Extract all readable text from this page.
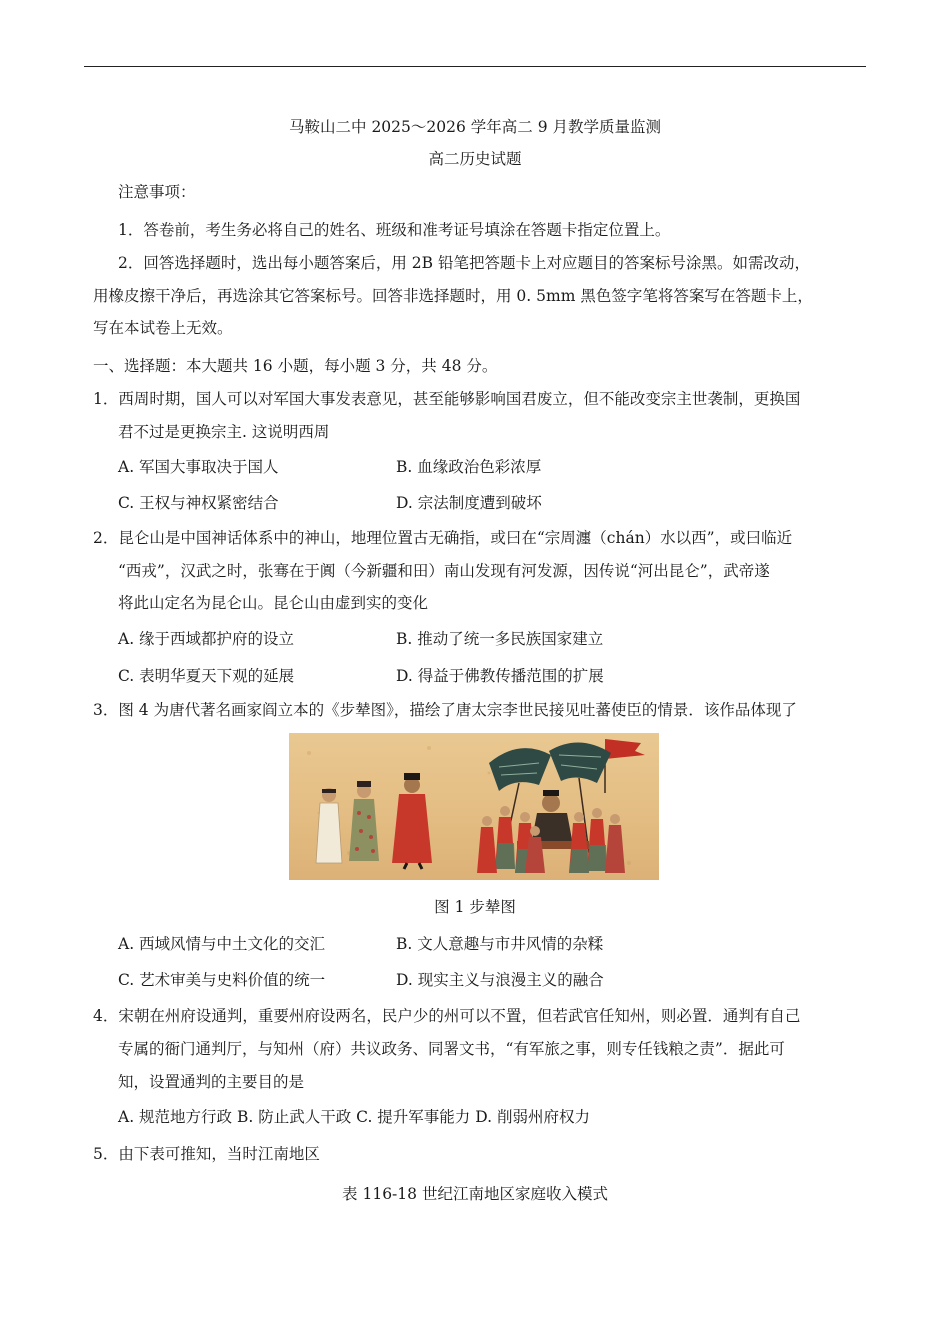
马鞍山二中 2025～2026 学年高二 9 月教学质量监测
高二历史试题
注意事项：
1．答卷前，考生务必将自己的姓名、班级和准考证号填涂在答题卡指定位置上。
2．回答选择题时，选出每小题答案后，用 2B 铅笔把答题卡上对应题目的答案标号涂黑。如需改动，
用橡皮擦干净后，再选涂其它答案标号。回答非选择题时，用 0. 5mm 黑色签字笔将答案写在答题卡上，
写在本试卷上无效。
一、选择题：本大题共 16 小题，每小题 3 分，共 48 分。
1．西周时期，国人可以对军国大事发表意见，甚至能够影响国君废立，但不能改变宗主世袭制，更换国
君不过是更换宗主. 这说明西周
A. 军国大事取决于国人	B. 血缘政治色彩浓厚
C. 王权与神权紧密结合	D. 宗法制度遭到破坏
2．昆仑山是中国神话体系中的神山，地理位置古无确指，或曰在“宗周瀍（chán）水以西”，或曰临近
“西戎”，汉武之时，张骞在于阗（今新疆和田）南山发现有河发源，因传说“河出昆仑”，武帝遂
将此山定名为昆仑山。昆仑山由虚到实的变化
A. 缘于西域都护府的设立	B. 推动了统一多民族国家建立
C. 表明华夏天下观的延展	D. 得益于佛教传播范围的扩展
3．图 4 为唐代著名画家阎立本的《步辇图》，描绘了唐太宗李世民接见吐蕃使臣的情景．该作品体现了
图 1 步辇图
A. 西域风情与中土文化的交汇	B. 文人意趣与市井风情的杂糅
C. 艺术审美与史料价值的统一	D. 现实主义与浪漫主义的融合
4．宋朝在州府设通判，重要州府设两名，民户少的州可以不置，但若武官任知州，则必置．通判有自己
专属的衙门通判厅，与知州（府）共议政务、同署文书，“有军旅之事，则专任钱粮之责”．据此可
知，设置通判的主要目的是
A. 规范地方行政 B. 防止武人干政 C. 提升军事能力 D. 削弱州府权力
5．由下表可推知，当时江南地区
表 116-18 世纪江南地区家庭收入模式
